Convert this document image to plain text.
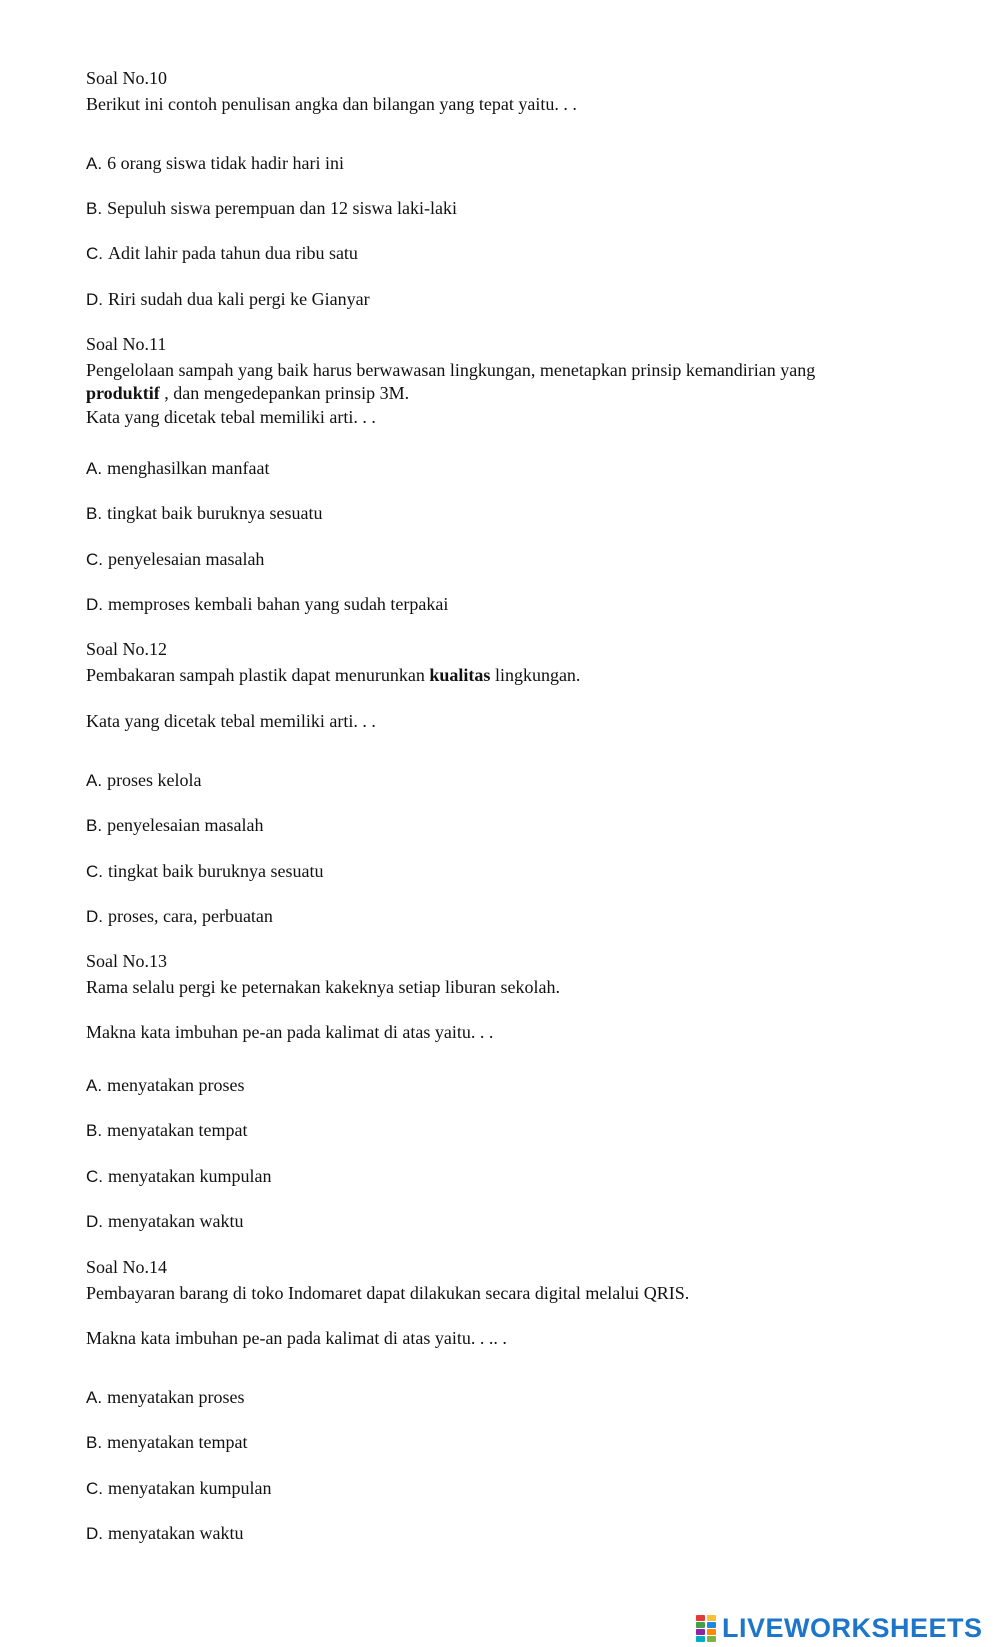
Soal No.10

Berikut ini contoh penulisan angka dan bilangan yang tepat yaitu. . .

A. 6 orang siswa tidak hadir hari ini

B. Sepuluh siswa perempuan dan 12 siswa laki-laki

C. Adit lahir pada tahun dua ribu satu

D. Riri sudah dua kali pergi ke Gianyar

Soal No.11

Pengelolaan sampah yang baik harus berwawasan lingkungan, menetapkan prinsip kemandirian yang

produktif , dan mengedepankan prinsip 3M.

Kata yang dicetak tebal memiliki arti. . .

A. menghasilkan manfaat

B. tingkat baik buruknya sesuatu

C. penyelesaian masalah

D. memproses kembali bahan yang sudah terpakai

Soal No.12

Pembakaran sampah plastik dapat menurunkan kualitas lingkungan.

Kata yang dicetak tebal memiliki arti. . .

A. proses kelola

B. penyelesaian masalah

C. tingkat baik buruknya sesuatu

D. proses, cara, perbuatan

Soal No.13

Rama selalu pergi ke peternakan kakeknya setiap liburan sekolah.

Makna kata imbuhan pe-an pada kalimat di atas yaitu. . .

A. menyatakan proses

B. menyatakan tempat

C. menyatakan kumpulan

D. menyatakan waktu

Soal No.14

Pembayaran barang di toko Indomaret dapat dilakukan secara digital melalui QRIS.

Makna kata imbuhan pe-an pada kalimat di atas yaitu. . .. .

A. menyatakan proses

B. menyatakan tempat

C. menyatakan kumpulan

D. menyatakan waktu

LIVEWORKSHEETS
